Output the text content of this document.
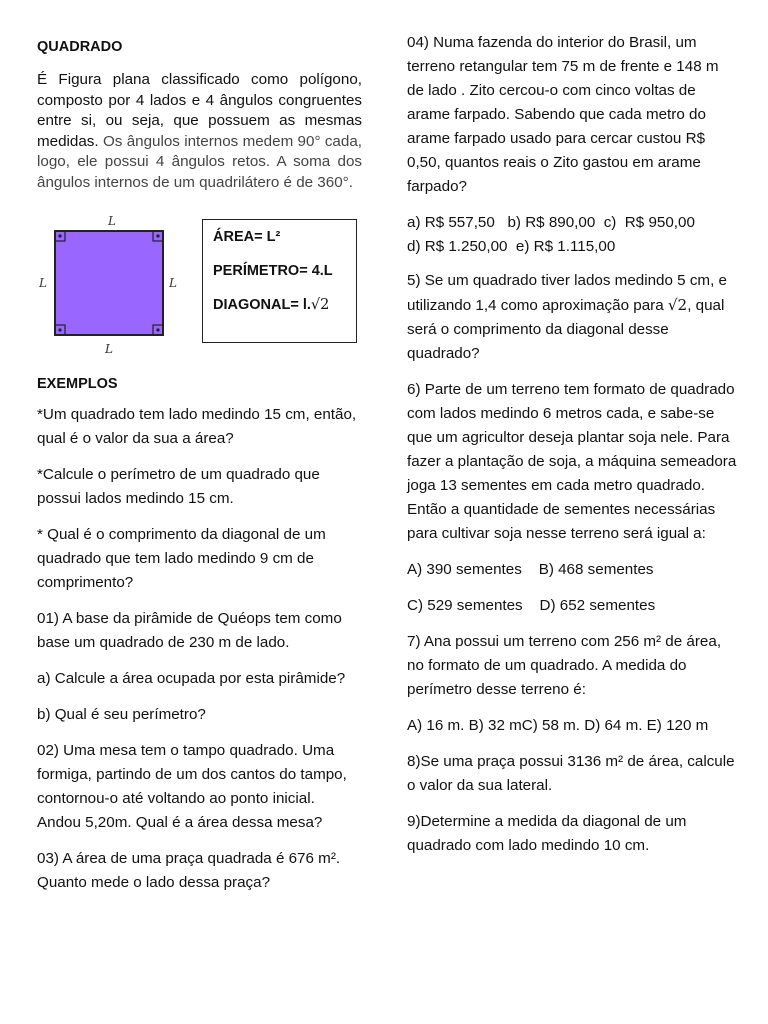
QUADRADO

É Figura plana classificado como polígono, composto por 4 lados e 4 ângulos congruentes entre si, ou seja, que possuem as mesmas medidas. Os ângulos internos medem 90° cada, logo, ele possui 4 ângulos retos. A soma dos ângulos internos de um quadrilátero é de 360°.

L
L	L
L
ÁREA= L²
PERÍMETRO= 4.L
DIAGONAL= l.√2
EXEMPLOS

*Um quadrado tem lado medindo 15 cm, então, qual é o valor da sua a área?

*Calcule o perímetro de um quadrado que possui lados medindo 15 cm.

* Qual é o comprimento da diagonal de um quadrado que tem lado medindo 9 cm de comprimento?

01) A base da pirâmide de Quéops tem como base um quadrado de 230 m de lado.

a) Calcule a área ocupada por esta pirâmide?

b) Qual é seu perímetro?

02) Uma mesa tem o tampo quadrado. Uma formiga, partindo de um dos cantos do tampo, contornou-o até voltando ao ponto inicial. Andou 5,20m. Qual é a área dessa mesa?

03) A área de uma praça quadrada é 676 m². Quanto mede o lado dessa praça?

04) Numa fazenda do interior do Brasil, um terreno retangular tem 75 m de frente e 148 m de lado . Zito cercou-o com cinco voltas de arame farpado. Sabendo que cada metro do arame farpado usado para cercar custou R$ 0,50, quantos reais o Zito gastou em arame farpado?

a) R$ 557,50   b) R$ 890,00  c)  R$ 950,00
d) R$ 1.250,00  e) R$ 1.115,00

5) Se um quadrado tiver lados medindo 5 cm, e utilizando 1,4 como aproximação para √2, qual será o comprimento da diagonal desse quadrado?

6) Parte de um terreno tem formato de quadrado com lados medindo 6 metros cada, e sabe-se que um agricultor deseja plantar soja nele. Para fazer a plantação de soja, a máquina semeadora joga 13 sementes em cada metro quadrado. Então a quantidade de sementes necessárias para cultivar soja nesse terreno será igual a:

A) 390 sementes    B) 468 sementes
C) 529 sementes    D) 652 sementes

7) Ana possui um terreno com 256 m² de área, no formato de um quadrado. A medida do perímetro desse terreno é:

A) 16 m. B) 32 mC) 58 m. D) 64 m. E) 120 m

8)Se uma praça possui 3136 m² de área, calcule o valor da sua lateral.

9)Determine a medida da diagonal de um quadrado com lado medindo 10 cm.
